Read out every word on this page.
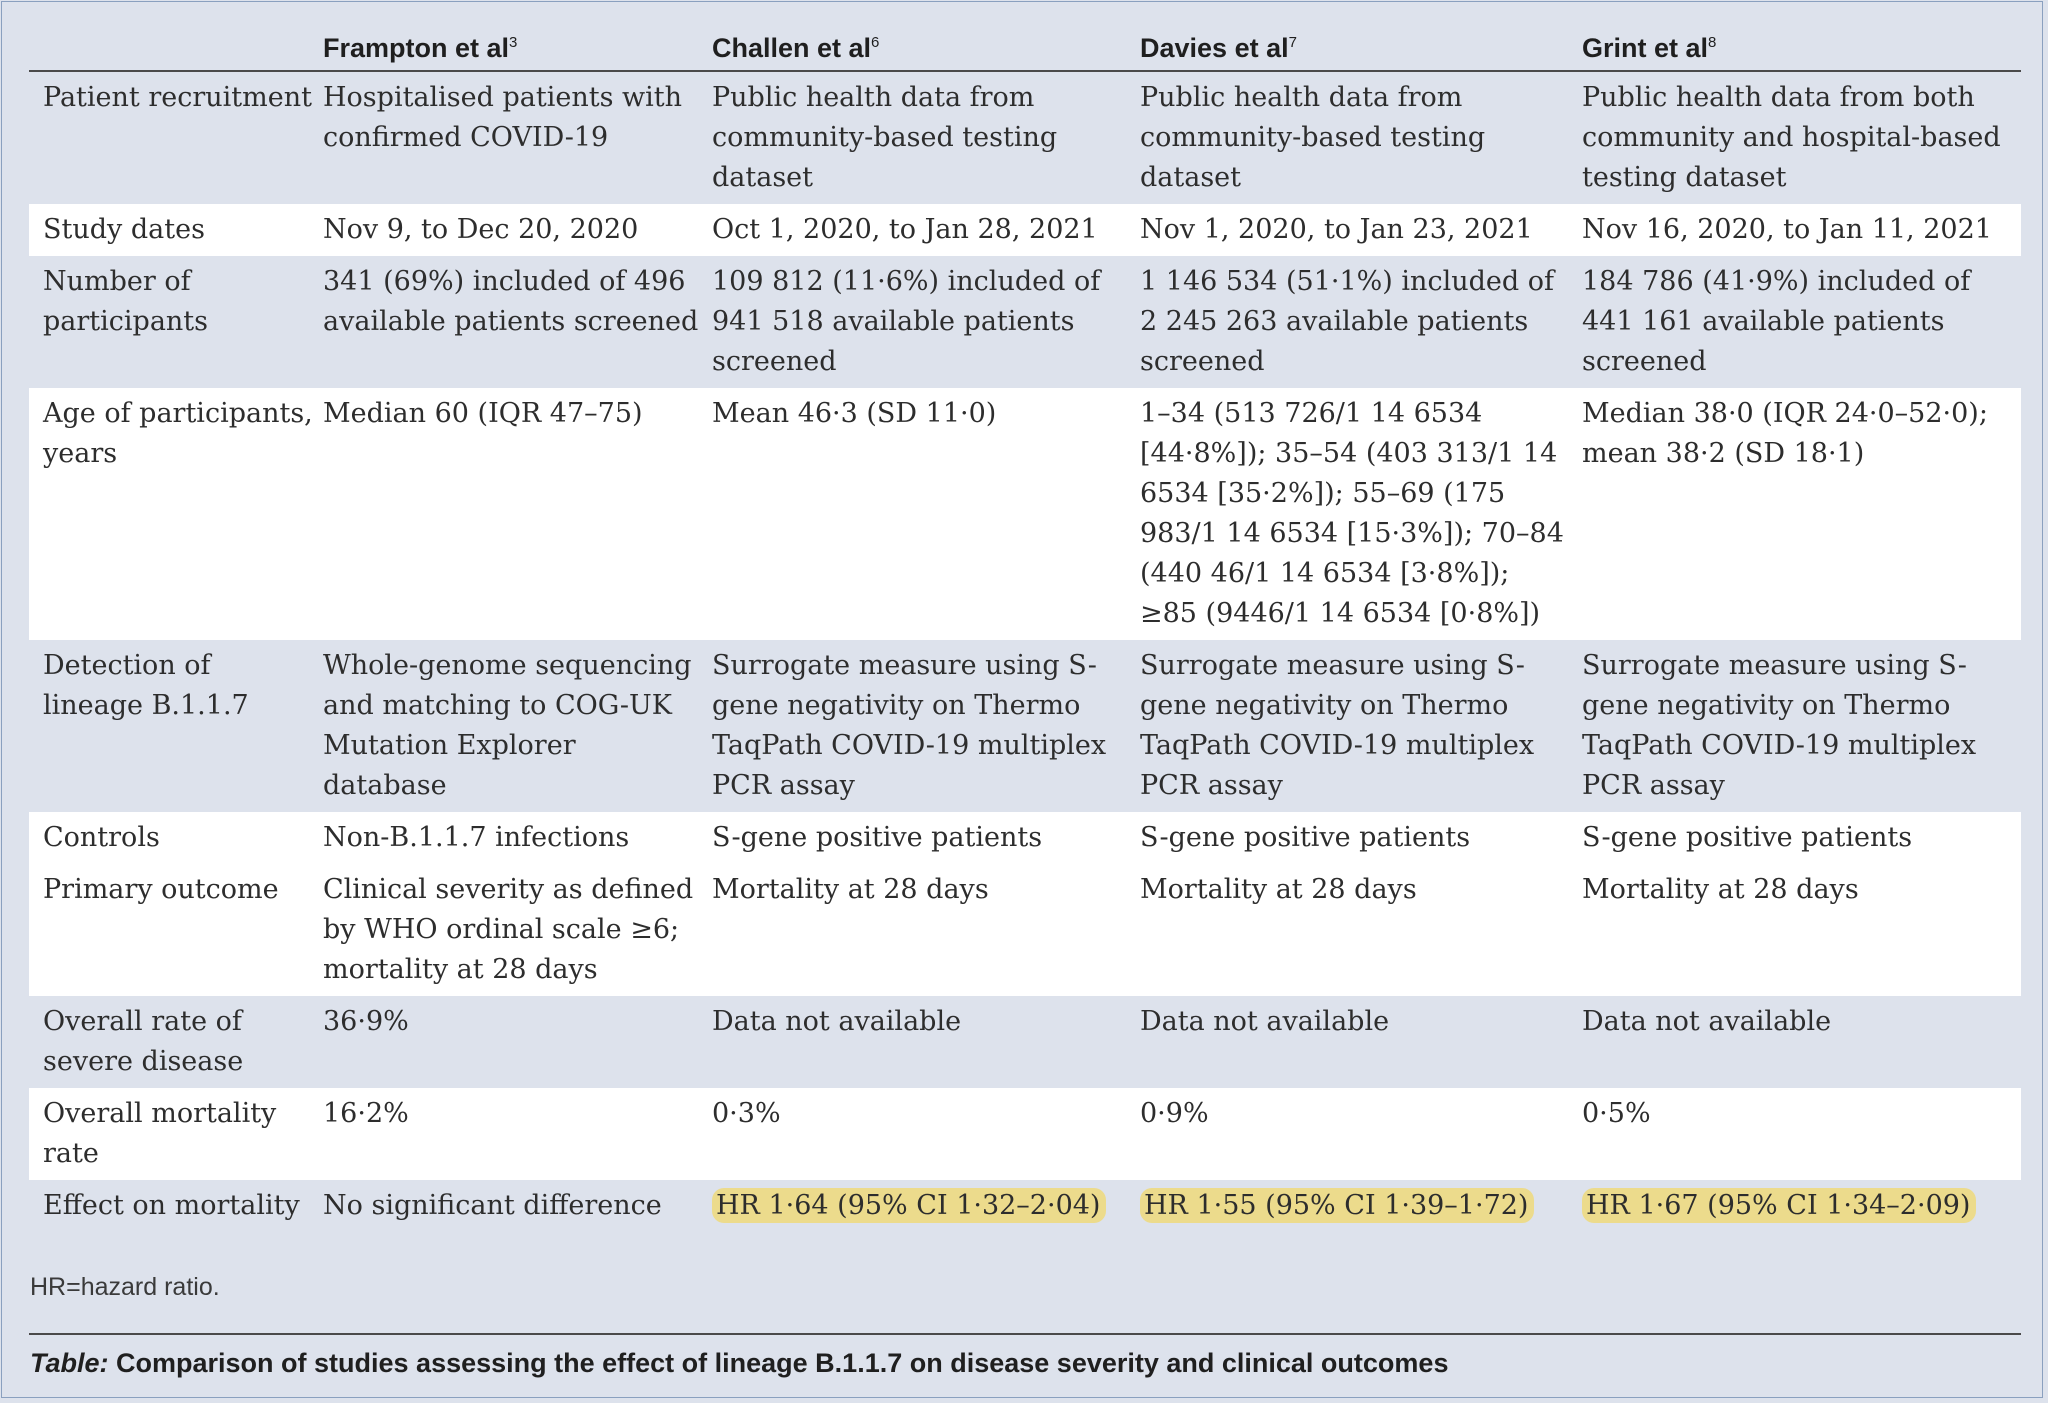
	Frampton et $al^3$	Challen et $al^6$	Davies et $al^7$	Grint et $al^8$
Patient recruitment	Hospitalised patients with confirmed COVID-19	Public health data from community-based testing dataset	Public health data from community-based testing dataset	Public health data from both community and hospital-based testing dataset
Study dates	Nov 9, to Dec 20, 2020	Oct 1, 2020, to Jan 28, 2021	Nov 1, 2020, to Jan 23, 2021	Nov 16, 2020, to Jan 11, 2021
Number of participants	341 (69%) included of 496 available patients screened	109 812 (11·6%) included of 941 518 available patients screened	1 146 534 (51·1%) included of 2 245 263 available patients screened	184 786 (41·9%) included of 441 161 available patients screened
Age of participants, years	Median 60 (IQR 47–75)	Mean 46·3 (SD 11·0)	1–34 (513 726/1 14 6534 [44·8%]); 35–54 (403 313/1 14 6534 [35·2%]); 55–69 (175 983/1 14 6534 [15·3%]); 70–84 (440 46/1 14 6534 [3·8%]); ≥85 (9446/1 14 6534 [0·8%])	Median 38·0 (IQR 24·0–52·0); mean 38·2 (SD 18·1)
Detection of lineage B.1.1.7	Whole-genome sequencing and matching to COG-UK Mutation Explorer database	Surrogate measure using S-gene negativity on Thermo TaqPath COVID-19 multiplex PCR assay	Surrogate measure using S-gene negativity on Thermo TaqPath COVID-19 multiplex PCR assay	Surrogate measure using S-gene negativity on Thermo TaqPath COVID-19 multiplex PCR assay
Controls	Non-B.1.1.7 infections	S-gene positive patients	S-gene positive patients	S-gene positive patients
Primary outcome	Clinical severity as defined by WHO ordinal scale ≥6; mortality at 28 days	Mortality at 28 days	Mortality at 28 days	Mortality at 28 days
Overall rate of severe disease	36·9%	Data not available	Data not available	Data not available
Overall mortality rate	16·2%	0·3%	0·9%	0·5%
Effect on mortality	No significant difference	HR 1·64 (95% CI 1·32–2·04)	HR 1·55 (95% CI 1·39–1·72)	HR 1·67 (95% CI 1·34–2·09)
HR=hazard ratio.
Table: Comparison of studies assessing the effect of lineage B.1.1.7 on disease severity and clinical outcomes
